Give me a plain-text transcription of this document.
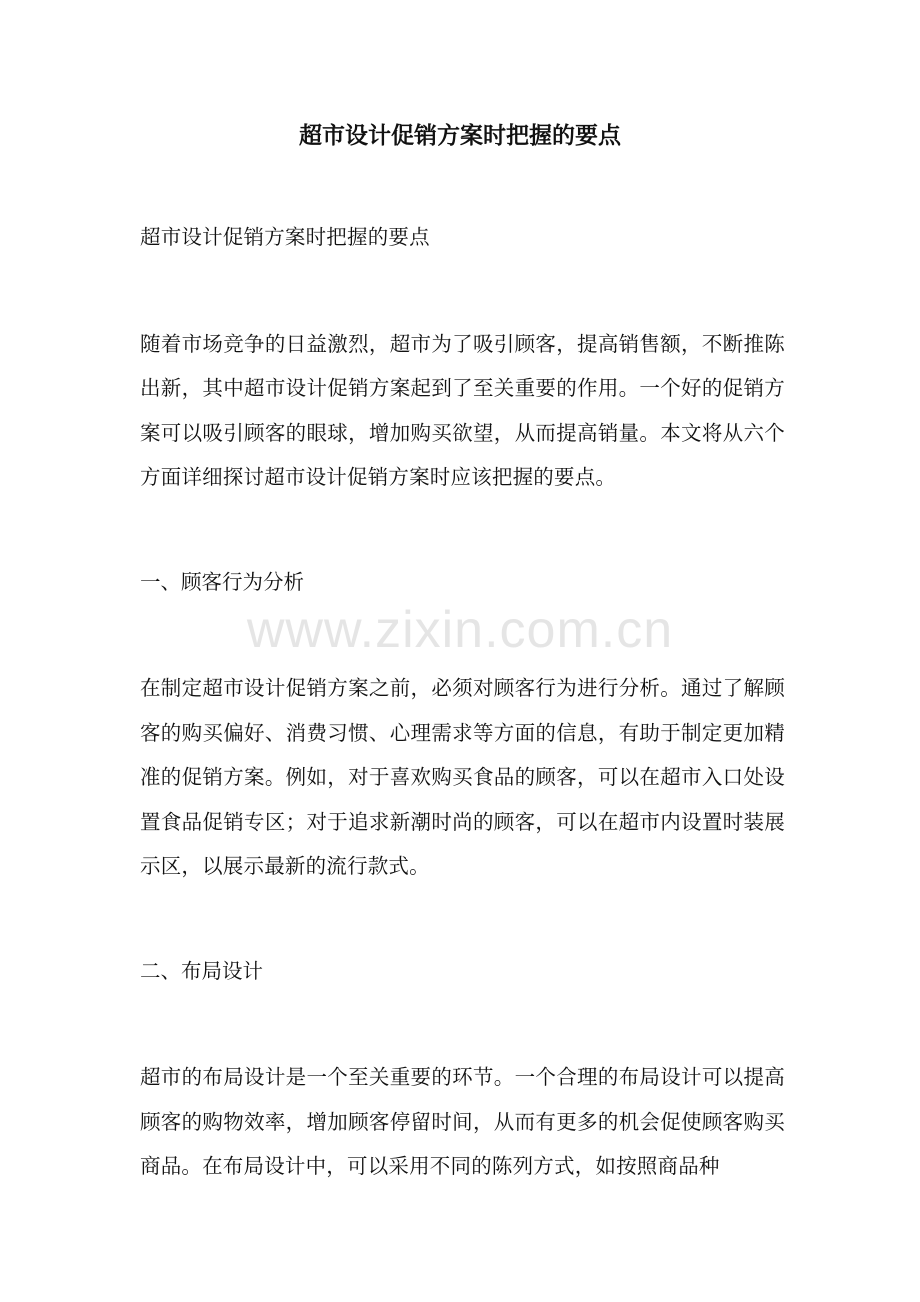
超市设计促销方案时把握的要点
www.zixin.com.cn

超市设计促销方案时把握的要点

随着市场竞争的日益激烈，超市为了吸引顾客，提高销售额，不断推陈出新，其中超市设计促销方案起到了至关重要的作用。一个好的促销方案可以吸引顾客的眼球，增加购买欲望，从而提高销量。本文将从六个方面详细探讨超市设计促销方案时应该把握的要点。

一、顾客行为分析

在制定超市设计促销方案之前，必须对顾客行为进行分析。通过了解顾客的购买偏好、消费习惯、心理需求等方面的信息，有助于制定更加精准的促销方案。例如，对于喜欢购买食品的顾客，可以在超市入口处设置食品促销专区；对于追求新潮时尚的顾客，可以在超市内设置时装展示区，以展示最新的流行款式。

二、布局设计

超市的布局设计是一个至关重要的环节。一个合理的布局设计可以提高顾客的购物效率，增加顾客停留时间，从而有更多的机会促使顾客购买商品。在布局设计中，可以采用不同的陈列方式，如按照商品种
